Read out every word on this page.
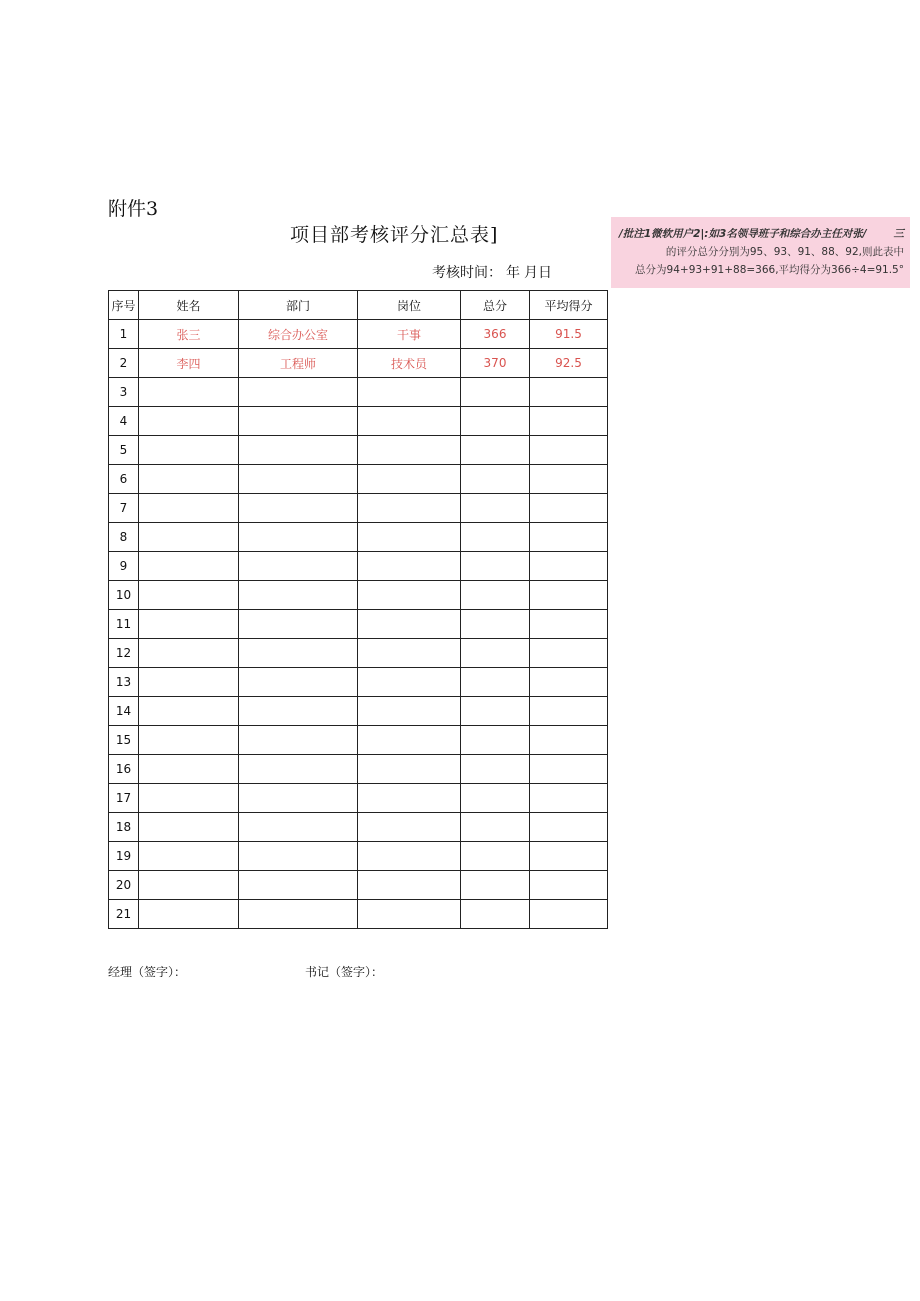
附件3
项目部考核评分汇总表]
考核时间： 年 月日
/批注1微软用户2|:如3名领导班子和综合办主任对张/	三
的评分总分分别为95、93、91、88、92,则此表中
总分为94+93+91+88=366,平均得分为366÷4=91.5°
序号	姓名	部门	岗位	总分	平均得分
1	张三	综合办公室	干事	366	91.5
2	李四	工程师	技术员	370	92.5
3					
4					
5					
6					
7					
8					
9					
10					
11					
12					
13					
14					
15					
16					
17					
18					
19					
20					
21					
经理（签字）：	书记（签字）：
